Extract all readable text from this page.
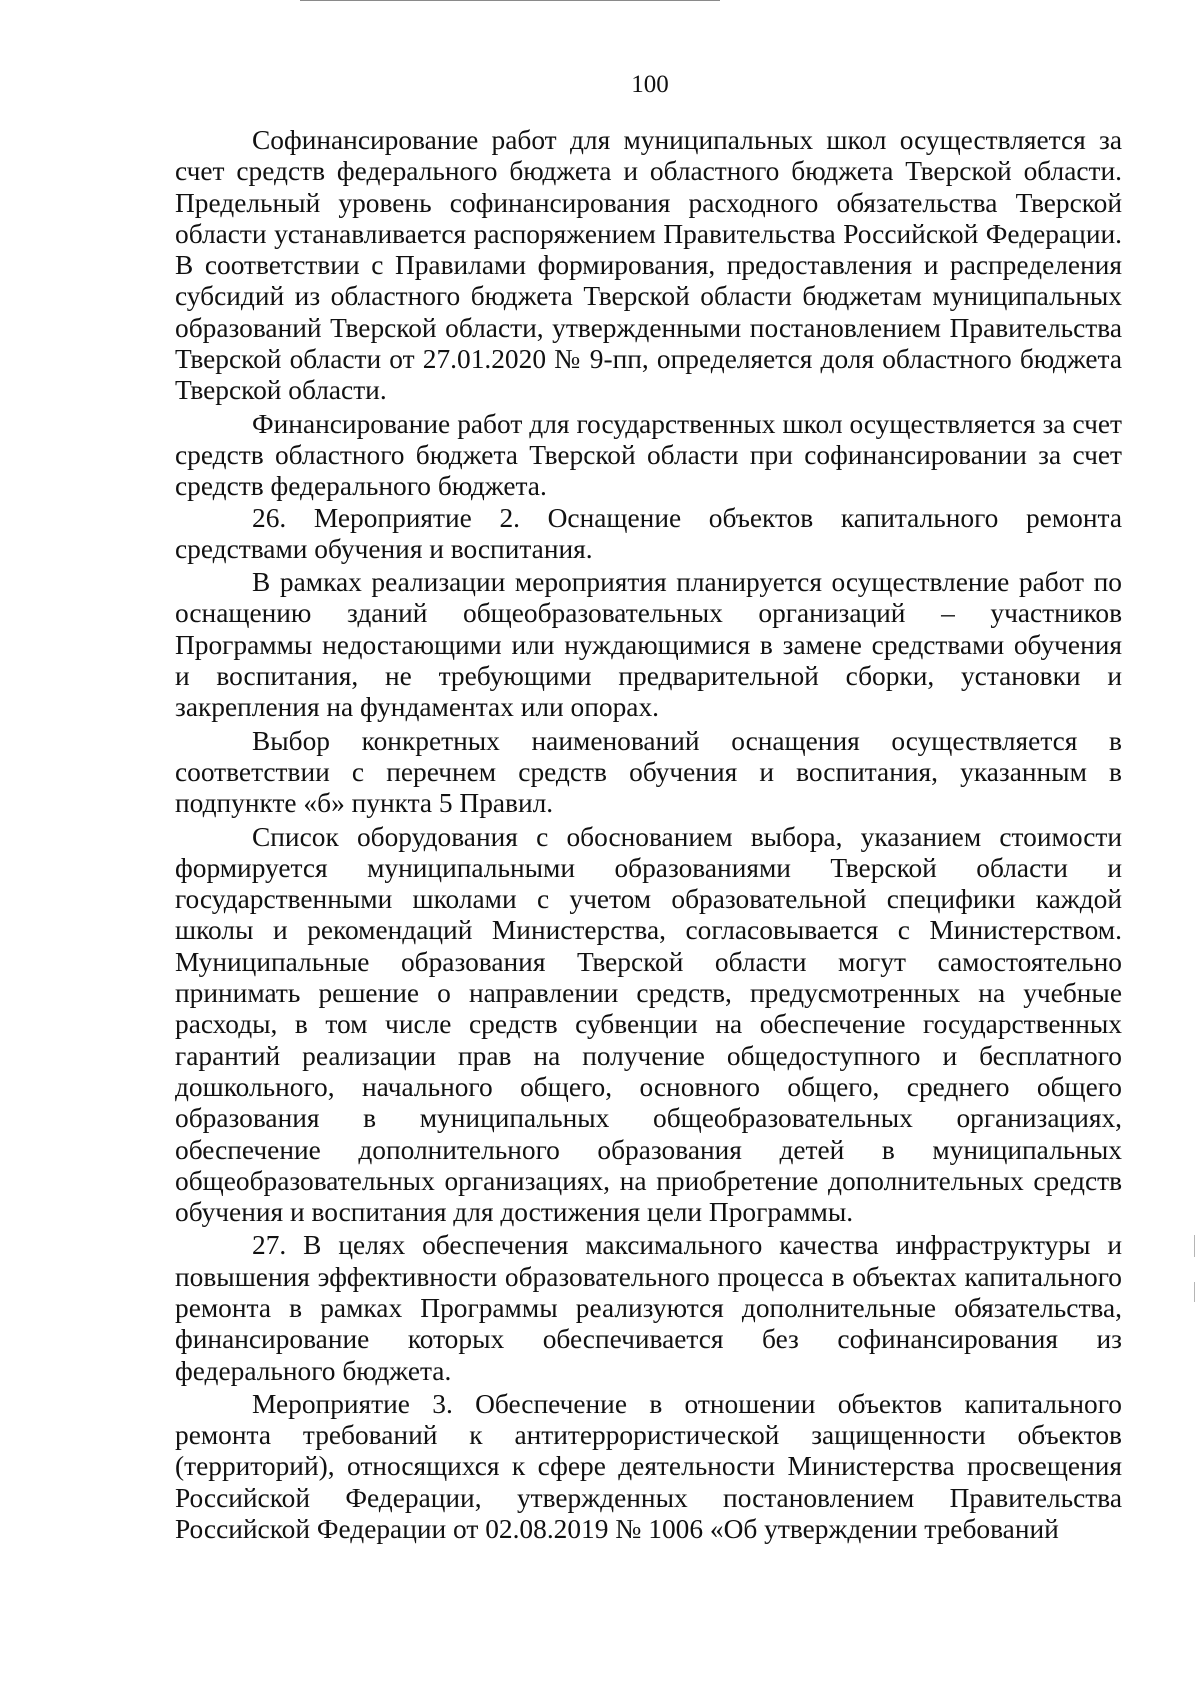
100

Софинансирование работ для муниципальных школ осуществляется за счет средств федерального бюджета и областного бюджета Тверской области. Предельный уровень софинансирования расходного обязательства Тверской области устанавливается распоряжением Правительства Российской Федерации. В соответствии с Правилами формирования, предоставления и распределения субсидий из областного бюджета Тверской области бюджетам муниципальных образований Тверской области, утвержденными постановлением Правительства Тверской области от 27.01.2020 № 9-пп, определяется доля областного бюджета Тверской области.

Финансирование работ для государственных школ осуществляется за счет средств областного бюджета Тверской области при софинансировании за счет средств федерального бюджета.

26. Мероприятие 2. Оснащение объектов капитального ремонта средствами обучения и воспитания.

В рамках реализации мероприятия планируется осуществление работ по оснащению зданий общеобразовательных организаций – участников Программы недостающими или нуждающимися в замене средствами обучения и воспитания, не требующими предварительной сборки, установки и закрепления на фундаментах или опорах.

Выбор конкретных наименований оснащения осуществляется в соответствии с перечнем средств обучения и воспитания, указанным в подпункте «б» пункта 5 Правил.

Список оборудования с обоснованием выбора, указанием стоимости формируется муниципальными образованиями Тверской области и государственными школами с учетом образовательной специфики каждой школы и рекомендаций Министерства, согласовывается с Министерством. Муниципальные образования Тверской области могут самостоятельно принимать решение о направлении средств, предусмотренных на учебные расходы, в том числе средств субвенции на обеспечение государственных гарантий реализации прав на получение общедоступного и бесплатного дошкольного, начального общего, основного общего, среднего общего образования в муниципальных общеобразовательных организациях, обеспечение дополнительного образования детей в муниципальных общеобразовательных организациях, на приобретение дополнительных средств обучения и воспитания для достижения цели Программы.

27. В целях обеспечения максимального качества инфраструктуры и повышения эффективности образовательного процесса в объектах капитального ремонта в рамках Программы реализуются дополнительные обязательства, финансирование которых обеспечивается без софинансирования из федерального бюджета.

Мероприятие 3. Обеспечение в отношении объектов капитального ремонта требований к антитеррористической защищенности объектов (территорий), относящихся к сфере деятельности Министерства просвещения Российской Федерации, утвержденных постановлением Правительства Российской Федерации от 02.08.2019 № 1006 «Об утверждении требований
